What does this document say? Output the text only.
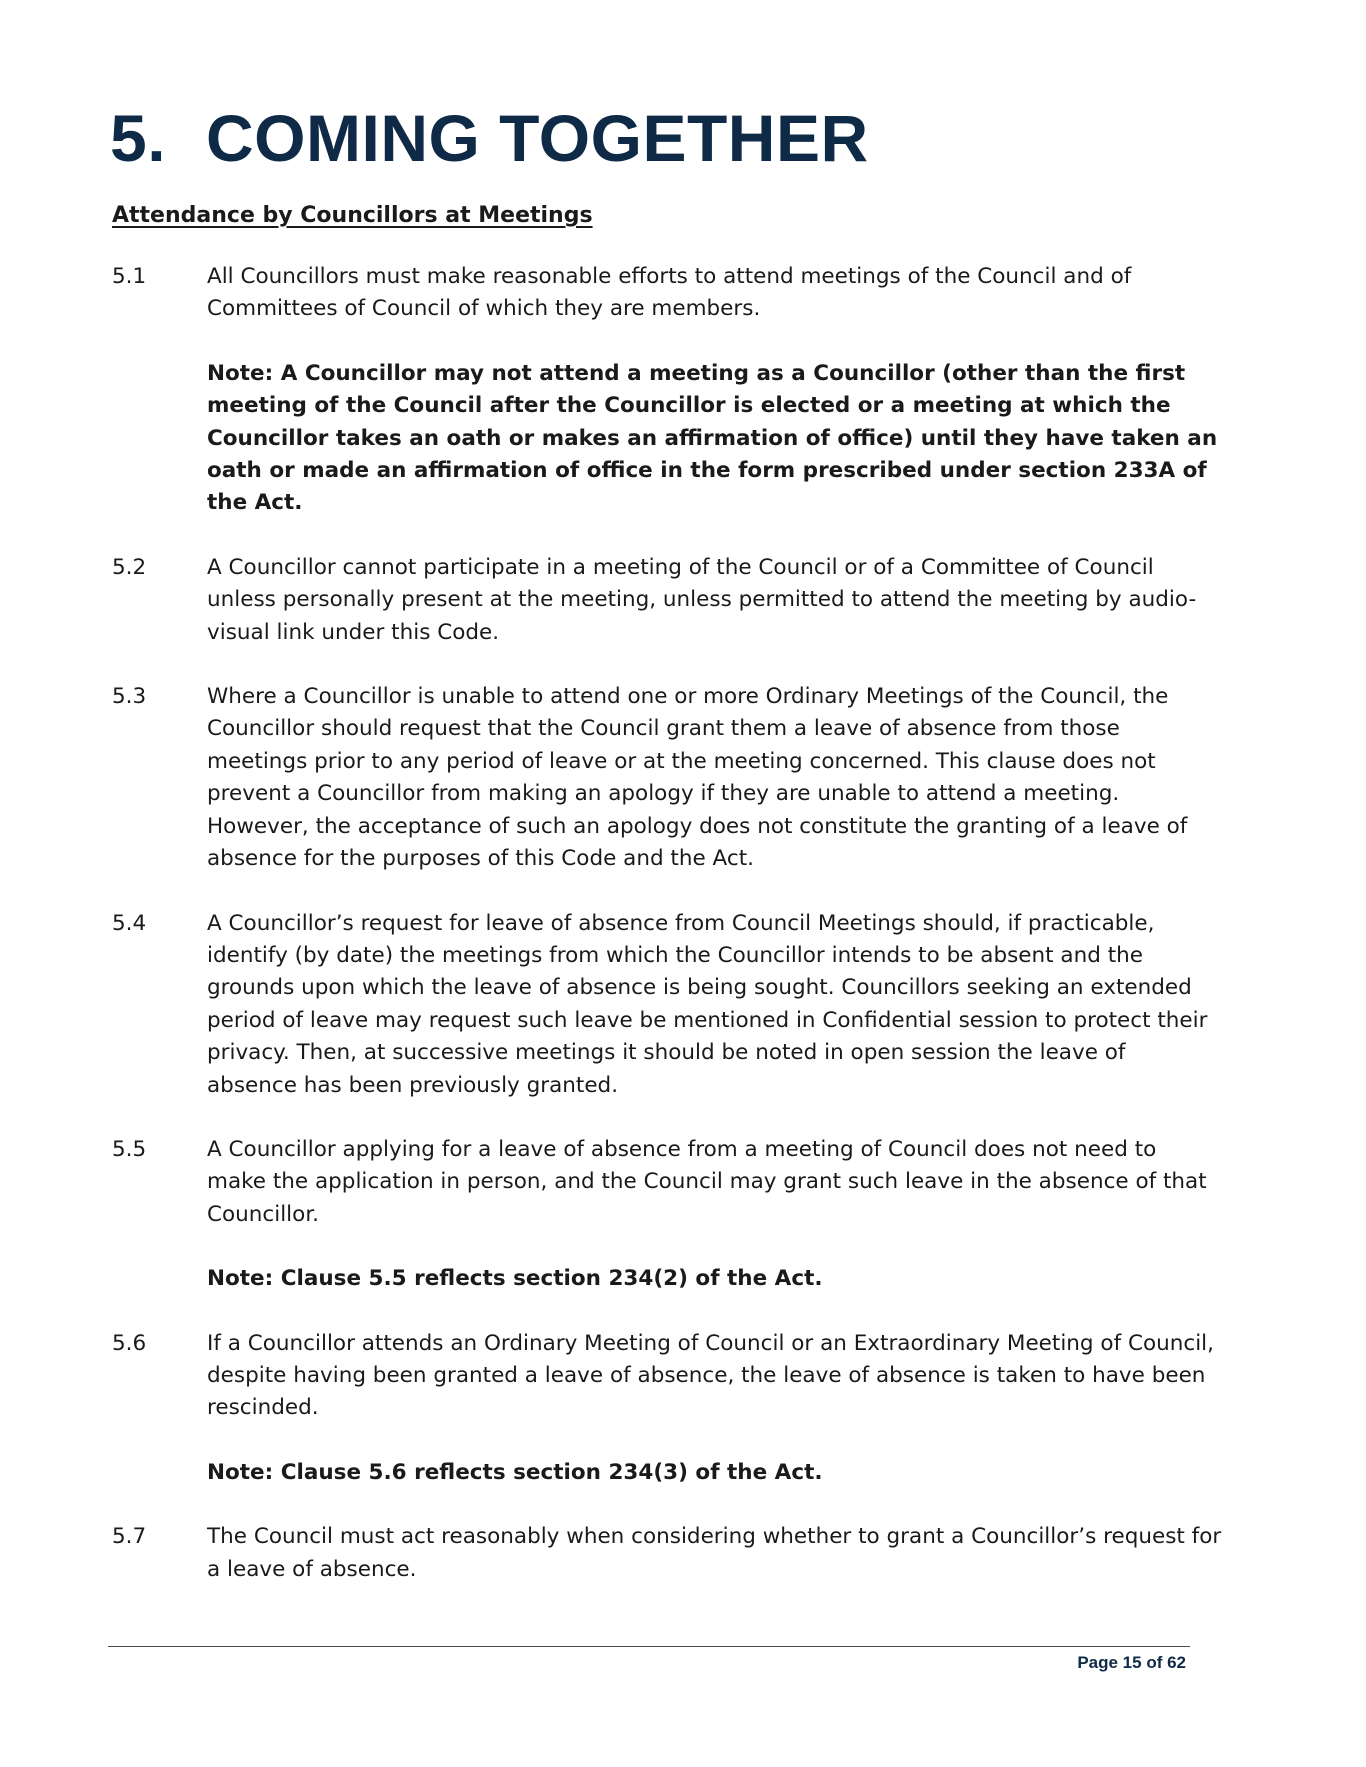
5. COMING TOGETHER
Attendance by Councillors at Meetings
5.1	All Councillors must make reasonable efforts to attend meetings of the Council and of Committees of Council of which they are members.

Note: A Councillor may not attend a meeting as a Councillor (other than the first meeting of the Council after the Councillor is elected or a meeting at which the Councillor takes an oath or makes an affirmation of office) until they have taken an oath or made an affirmation of office in the form prescribed under section 233A of the Act.

5.2	A Councillor cannot participate in a meeting of the Council or of a Committee of Council unless personally present at the meeting, unless permitted to attend the meeting by audio-visual link under this Code.

5.3	Where a Councillor is unable to attend one or more Ordinary Meetings of the Council, the Councillor should request that the Council grant them a leave of absence from those meetings prior to any period of leave or at the meeting concerned. This clause does not prevent a Councillor from making an apology if they are unable to attend a meeting. However, the acceptance of such an apology does not constitute the granting of a leave of absence for the purposes of this Code and the Act.

5.4	A Councillor’s request for leave of absence from Council Meetings should, if practicable, identify (by date) the meetings from which the Councillor intends to be absent and the grounds upon which the leave of absence is being sought. Councillors seeking an extended period of leave may request such leave be mentioned in Confidential session to protect their privacy. Then, at successive meetings it should be noted in open session the leave of absence has been previously granted.

5.5	A Councillor applying for a leave of absence from a meeting of Council does not need to make the application in person, and the Council may grant such leave in the absence of that Councillor.

Note: Clause 5.5 reflects section 234(2) of the Act.

5.6	If a Councillor attends an Ordinary Meeting of Council or an Extraordinary Meeting of Council, despite having been granted a leave of absence, the leave of absence is taken to have been rescinded.

Note: Clause 5.6 reflects section 234(3) of the Act.

5.7	The Council must act reasonably when considering whether to grant a Councillor’s request for a leave of absence.

Page 15 of 62
